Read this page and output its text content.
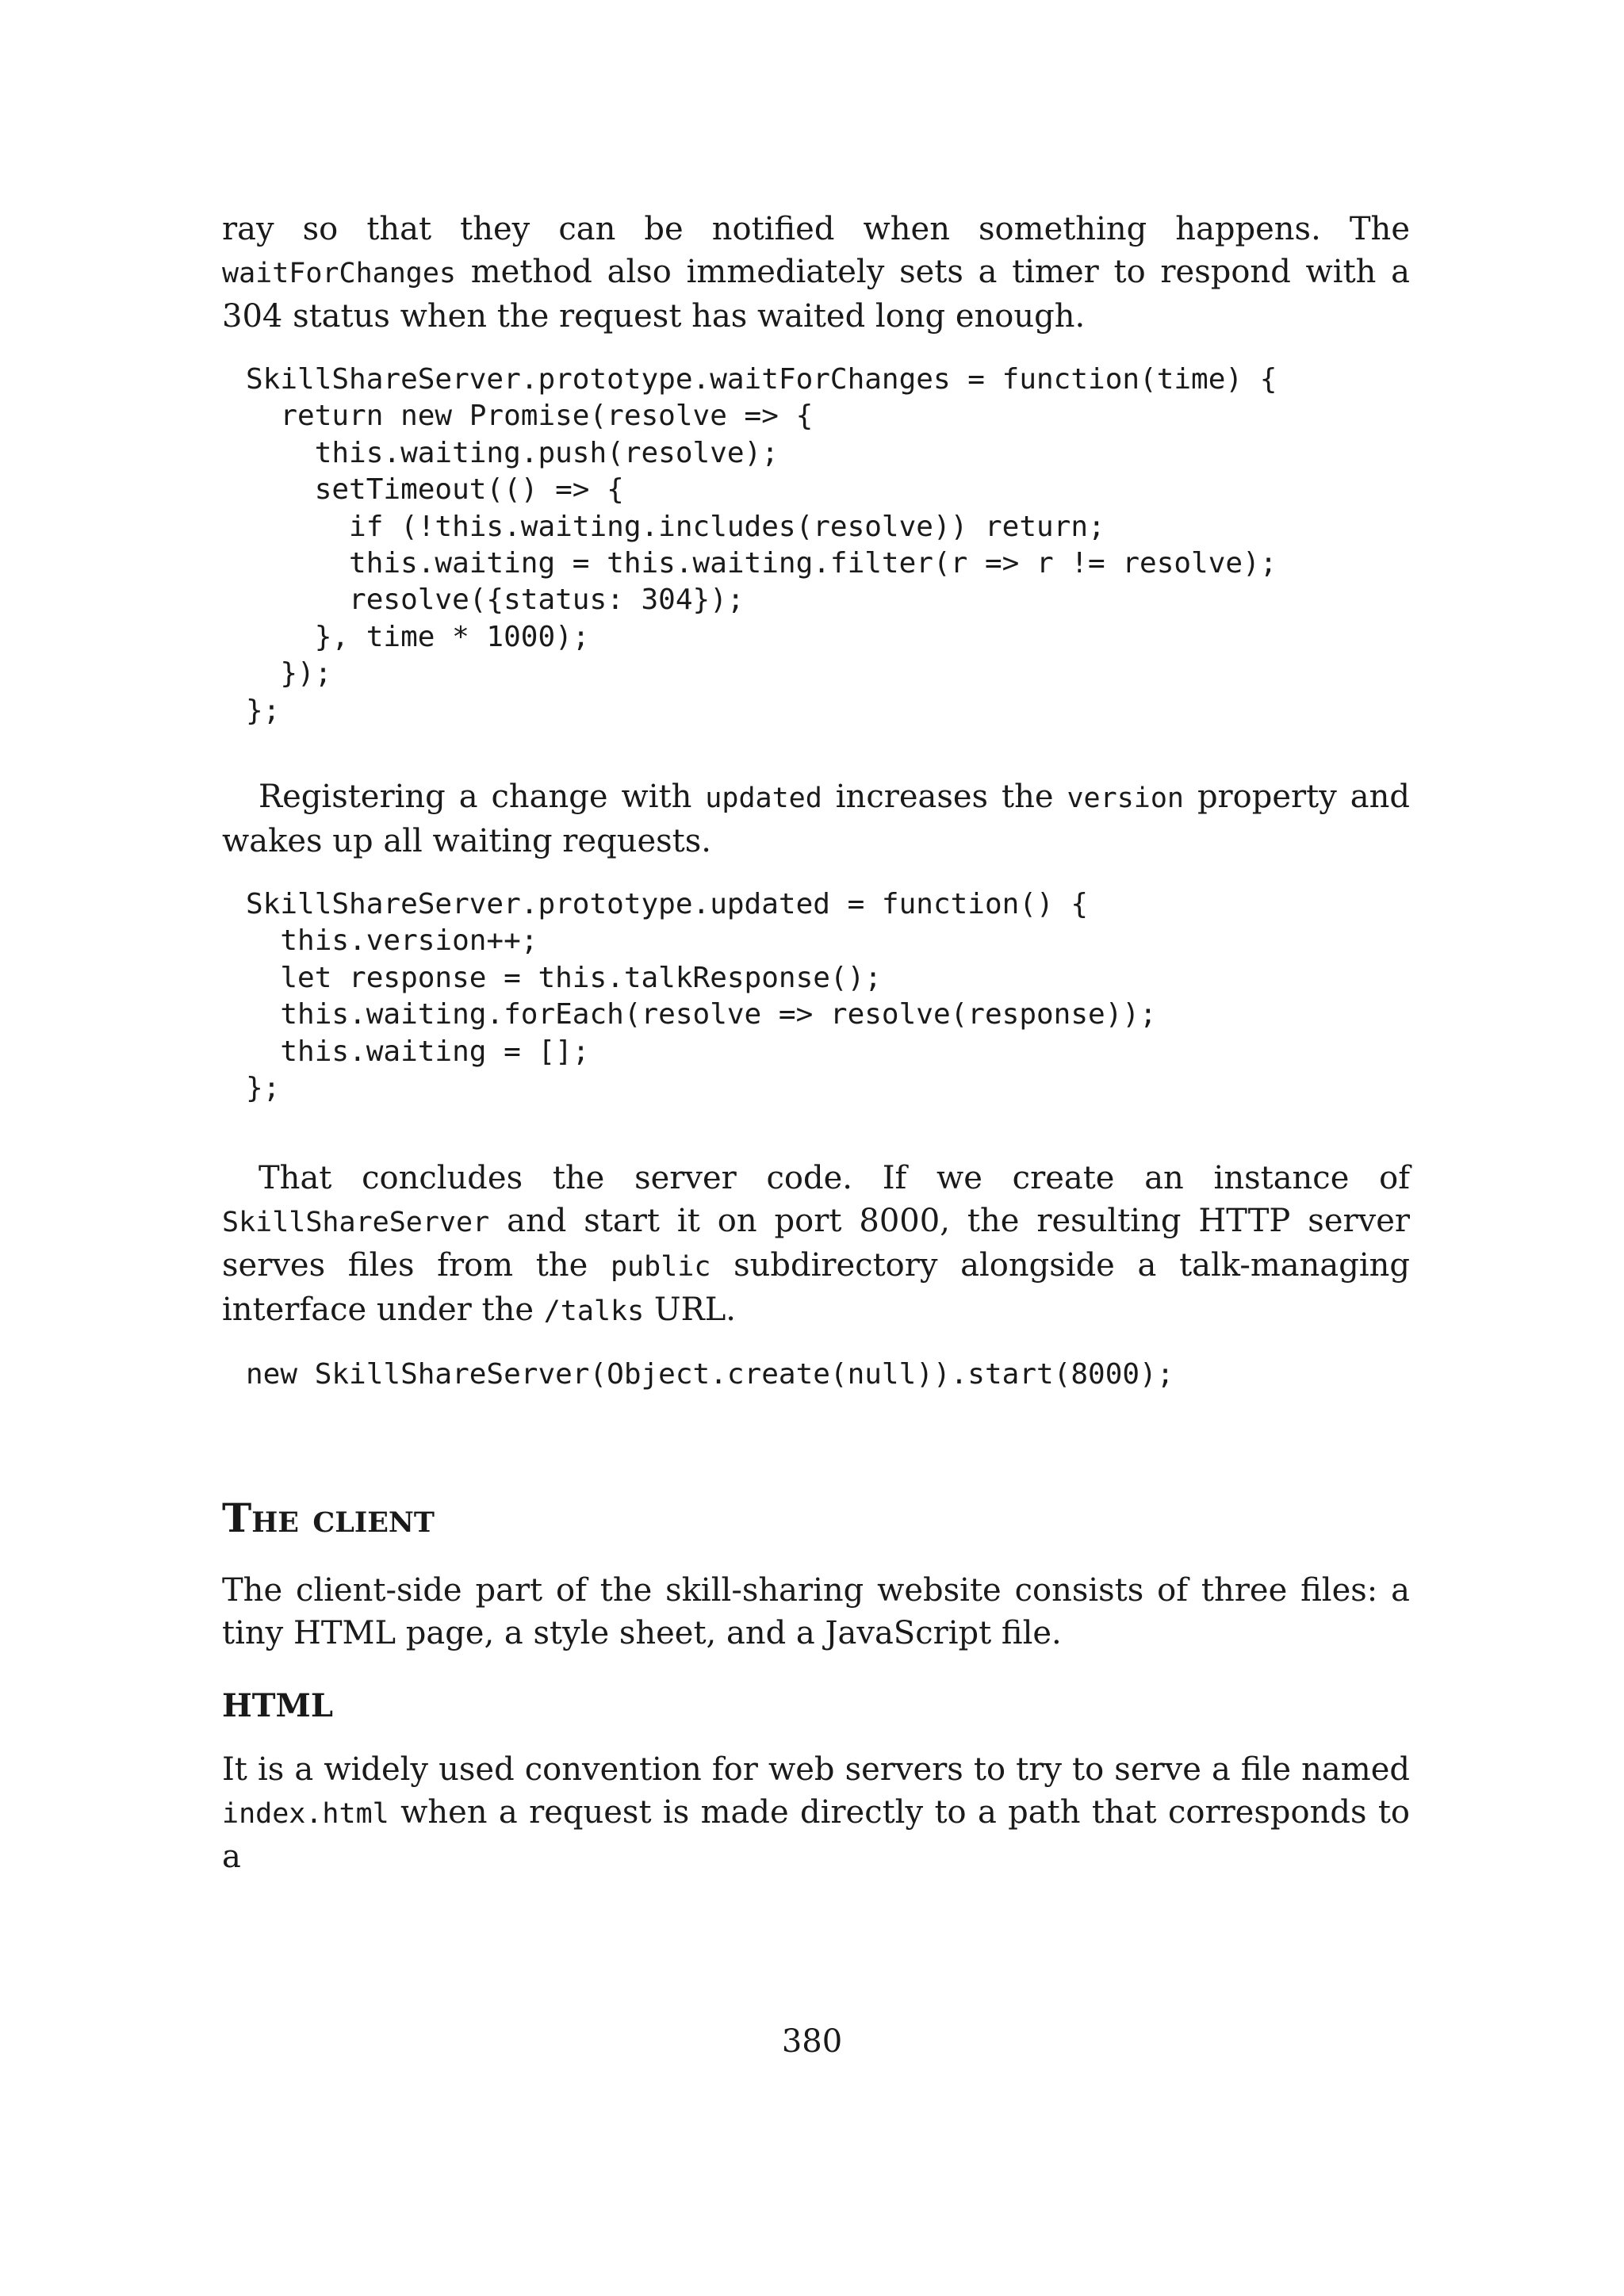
ray so that they can be notified when something happens. The waitForChanges method also immediately sets a timer to respond with a 304 status when the request has waited long enough.

SkillShareServer.prototype.waitForChanges = function(time) {
return new Promise(resolve => {
this.waiting.push(resolve);
setTimeout(() => {
if (!this.waiting.includes(resolve)) return;
this.waiting = this.waiting.filter(r => r != resolve);
resolve({status: 304});
}, time * 1000);
});
};

Registering a change with updated increases the version property and wakes up all waiting requests.

SkillShareServer.prototype.updated = function() {
this.version++;
let response = this.talkResponse();
this.waiting.forEach(resolve => resolve(response));
this.waiting = [];
};

That concludes the server code. If we create an instance of SkillShareServer and start it on port 8000, the resulting HTTP server serves files from the public subdirectory alongside a talk-managing interface under the /talks URL.

new SkillShareServer(Object.create(null)).start(8000);
The client

The client-side part of the skill-sharing website consists of three files: a tiny HTML page, a style sheet, and a JavaScript file.

HTML

It is a widely used convention for web servers to try to serve a file named index.html when a request is made directly to a path that corresponds to a

380
